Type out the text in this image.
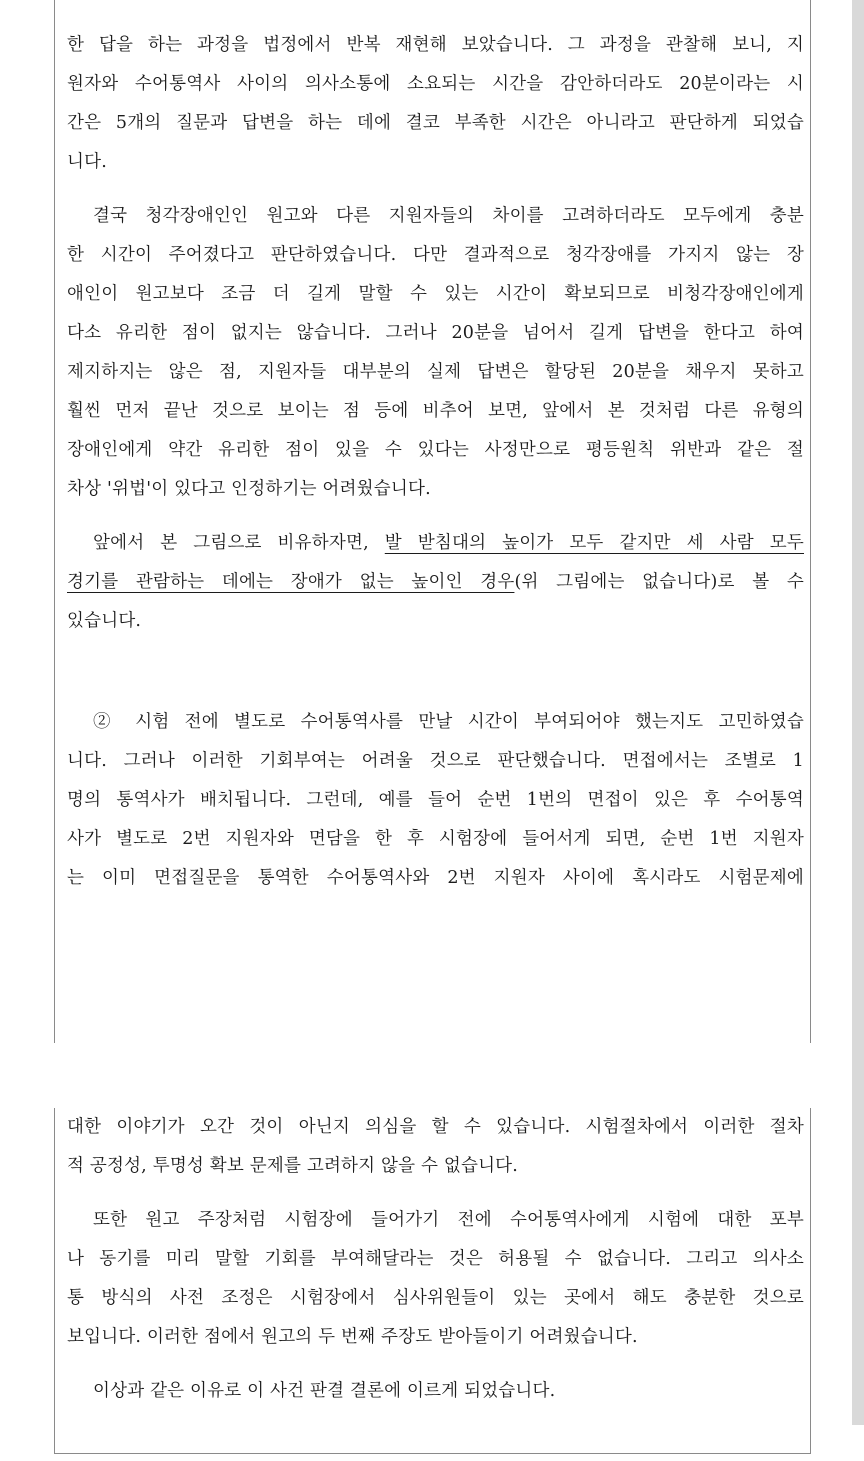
한 답을 하는 과정을 법정에서 반복 재현해 보았습니다. 그 과정을 관찰해 보니, 지
원자와 수어통역사 사이의 의사소통에 소요되는 시간을 감안하더라도 20분이라는 시
간은 5개의 질문과 답변을 하는 데에 결코 부족한 시간은 아니라고 판단하게 되었습
니다.
결국 청각장애인인 원고와 다른 지원자들의 차이를 고려하더라도 모두에게 충분
한 시간이 주어졌다고 판단하였습니다. 다만 결과적으로 청각장애를 가지지 않는 장
애인이 원고보다 조금 더 길게 말할 수 있는 시간이 확보되므로 비청각장애인에게
다소 유리한 점이 없지는 않습니다. 그러나 20분을 넘어서 길게 답변을 한다고 하여
제지하지는 않은 점, 지원자들 대부분의 실제 답변은 할당된 20분을 채우지 못하고
훨씬 먼저 끝난 것으로 보이는 점 등에 비추어 보면, 앞에서 본 것처럼 다른 유형의
장애인에게 약간 유리한 점이 있을 수 있다는 사정만으로 평등원칙 위반과 같은 절
차상 '위법'이 있다고 인정하기는 어려웠습니다.
앞에서 본 그림으로 비유하자면, 발 받침대의 높이가 모두 같지만 세 사람 모두
경기를 관람하는 데에는 장애가 없는 높이인 경우(위 그림에는 없습니다)로 볼 수
있습니다.
② 시험 전에 별도로 수어통역사를 만날 시간이 부여되어야 했는지도 고민하였습
니다. 그러나 이러한 기회부여는 어려울 것으로 판단했습니다. 면접에서는 조별로 1
명의 통역사가 배치됩니다. 그런데, 예를 들어 순번 1번의 면접이 있은 후 수어통역
사가 별도로 2번 지원자와 면담을 한 후 시험장에 들어서게 되면, 순번 1번 지원자
는 이미 면접질문을 통역한 수어통역사와 2번 지원자 사이에 혹시라도 시험문제에
대한 이야기가 오간 것이 아닌지 의심을 할 수 있습니다. 시험절차에서 이러한 절차
적 공정성, 투명성 확보 문제를 고려하지 않을 수 없습니다.
또한 원고 주장처럼 시험장에 들어가기 전에 수어통역사에게 시험에 대한 포부
나 동기를 미리 말할 기회를 부여해달라는 것은 허용될 수 없습니다. 그리고 의사소
통 방식의 사전 조정은 시험장에서 심사위원들이 있는 곳에서 해도 충분한 것으로
보입니다. 이러한 점에서 원고의 두 번째 주장도 받아들이기 어려웠습니다.
이상과 같은 이유로 이 사건 판결 결론에 이르게 되었습니다.
